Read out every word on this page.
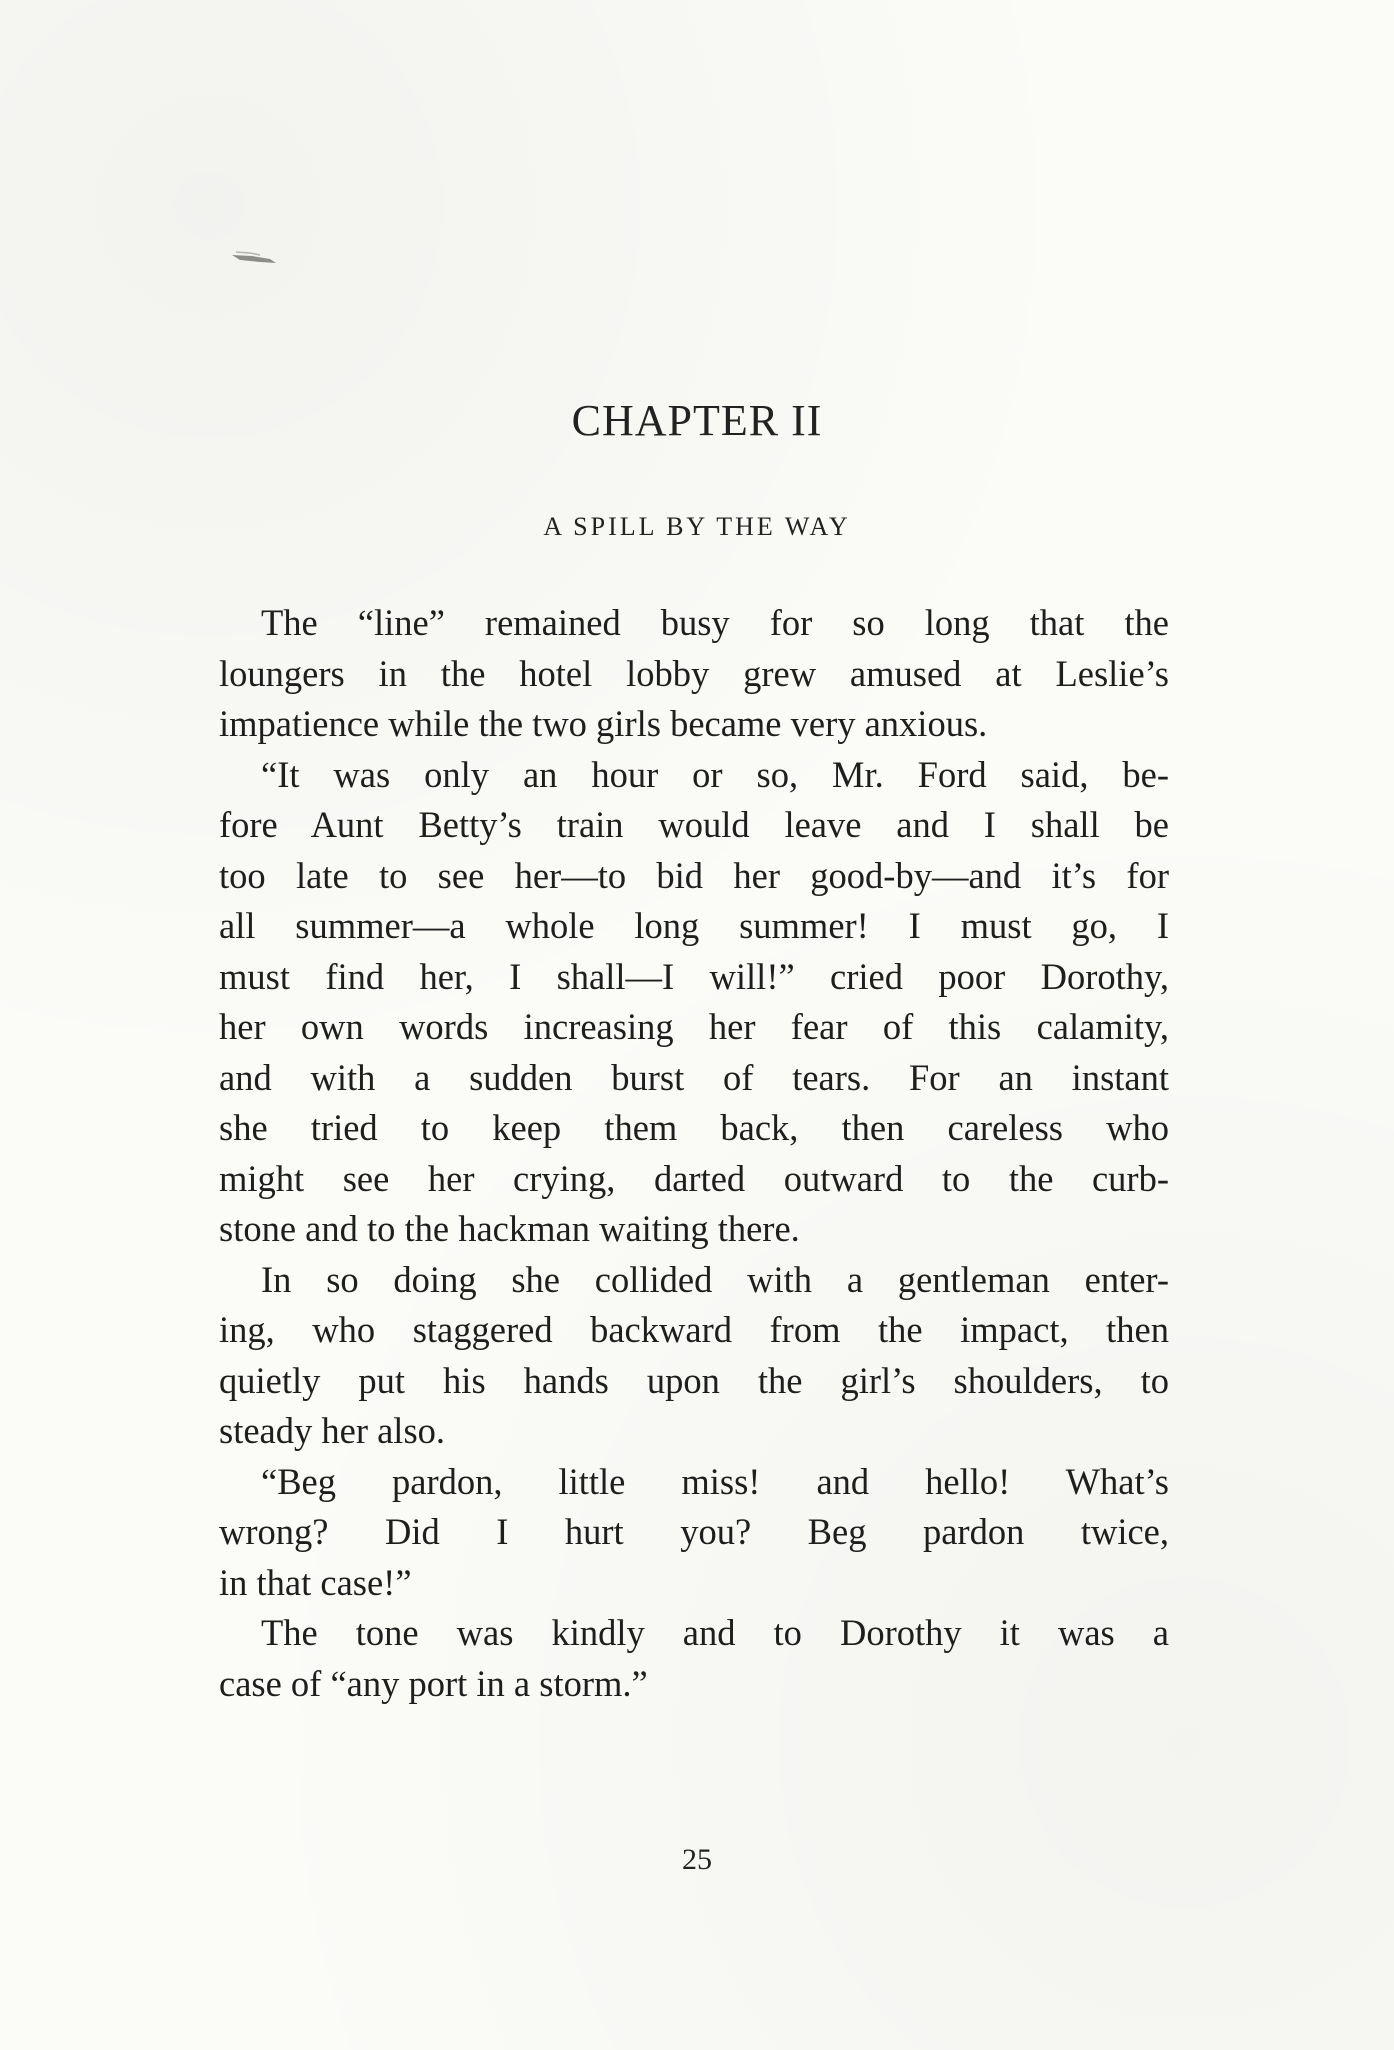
CHAPTER II
A SPILL BY THE WAY
The “line” remained busy for so long that the
loungers in the hotel lobby grew amused at Leslie’s
impatience while the two girls became very anxious.
“It was only an hour or so, Mr. Ford said, be-
fore Aunt Betty’s train would leave and I shall be
too late to see her—to bid her good-by—and it’s for
all summer—a whole long summer! I must go, I
must find her, I shall—I will!” cried poor Dorothy,
her own words increasing her fear of this calamity,
and with a sudden burst of tears. For an instant
she tried to keep them back, then careless who
might see her crying, darted outward to the curb-
stone and to the hackman waiting there.
In so doing she collided with a gentleman enter-
ing, who staggered backward from the impact, then
quietly put his hands upon the girl’s shoulders, to
steady her also.
“Beg pardon, little miss! and hello! What’s
wrong? Did I hurt you? Beg pardon twice,
in that case!”
The tone was kindly and to Dorothy it was a
case of “any port in a storm.”
25
